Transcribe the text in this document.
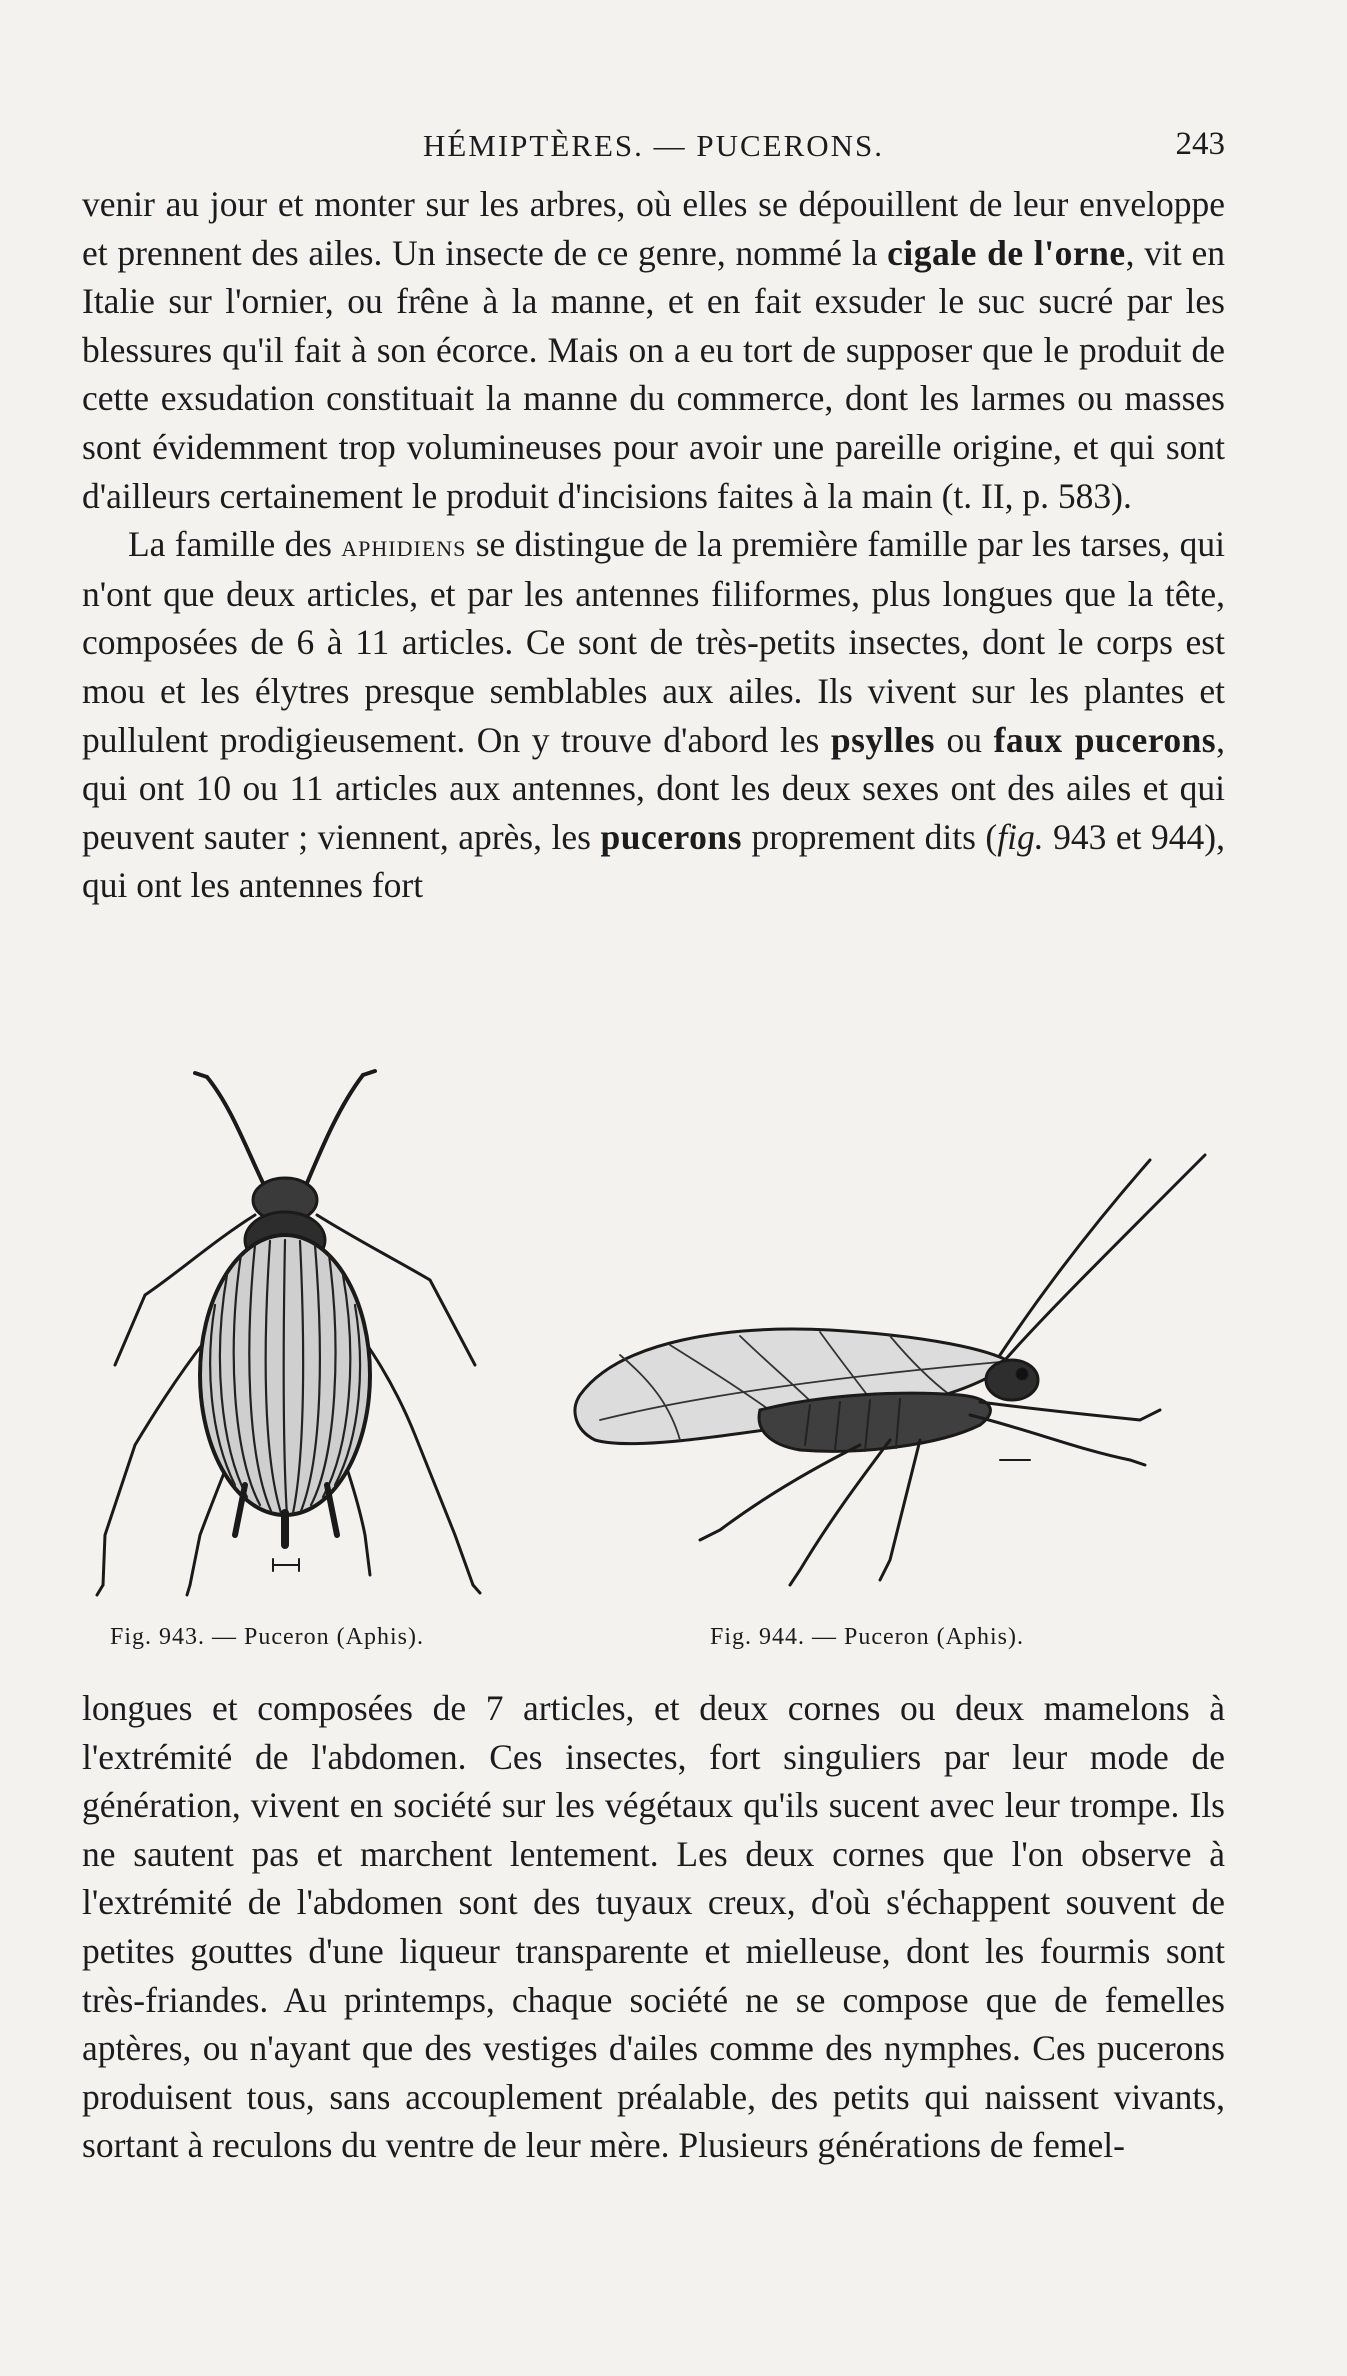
HÉMIPTÈRES. — PUCERONS.	243

venir au jour et monter sur les arbres, où elles se dépouillent de leur enveloppe et prennent des ailes. Un insecte de ce genre, nommé la cigale de l'orne, vit en Italie sur l'ornier, ou frêne à la manne, et en fait exsuder le suc sucré par les blessures qu'il fait à son écorce. Mais on a eu tort de supposer que le produit de cette exsudation constituait la manne du commerce, dont les larmes ou masses sont évidemment trop volumineuses pour avoir une pareille origine, et qui sont d'ailleurs certainement le produit d'incisions faites à la main (t. II, p. 583).

La famille des aphidiens se distingue de la première famille par les tarses, qui n'ont que deux articles, et par les antennes filiformes, plus longues que la tête, composées de 6 à 11 articles. Ce sont de très-petits insectes, dont le corps est mou et les élytres presque semblables aux ailes. Ils vivent sur les plantes et pullulent prodigieusement. On y trouve d'abord les psylles ou faux pucerons, qui ont 10 ou 11 articles aux antennes, dont les deux sexes ont des ailes et qui peuvent sauter ; viennent, après, les pucerons proprement dits (fig. 943 et 944), qui ont les antennes fort

Fig. 943. — Puceron (Aphis).	Fig. 944. — Puceron (Aphis).

longues et composées de 7 articles, et deux cornes ou deux mamelons à l'extrémité de l'abdomen. Ces insectes, fort singuliers par leur mode de génération, vivent en société sur les végétaux qu'ils sucent avec leur trompe. Ils ne sautent pas et marchent lentement. Les deux cornes que l'on observe à l'extrémité de l'abdomen sont des tuyaux creux, d'où s'échappent souvent de petites gouttes d'une liqueur transparente et mielleuse, dont les fourmis sont très-friandes. Au printemps, chaque société ne se compose que de femelles aptères, ou n'ayant que des vestiges d'ailes comme des nymphes. Ces pucerons produisent tous, sans accouplement préalable, des petits qui naissent vivants, sortant à reculons du ventre de leur mère. Plusieurs générations de femel-
